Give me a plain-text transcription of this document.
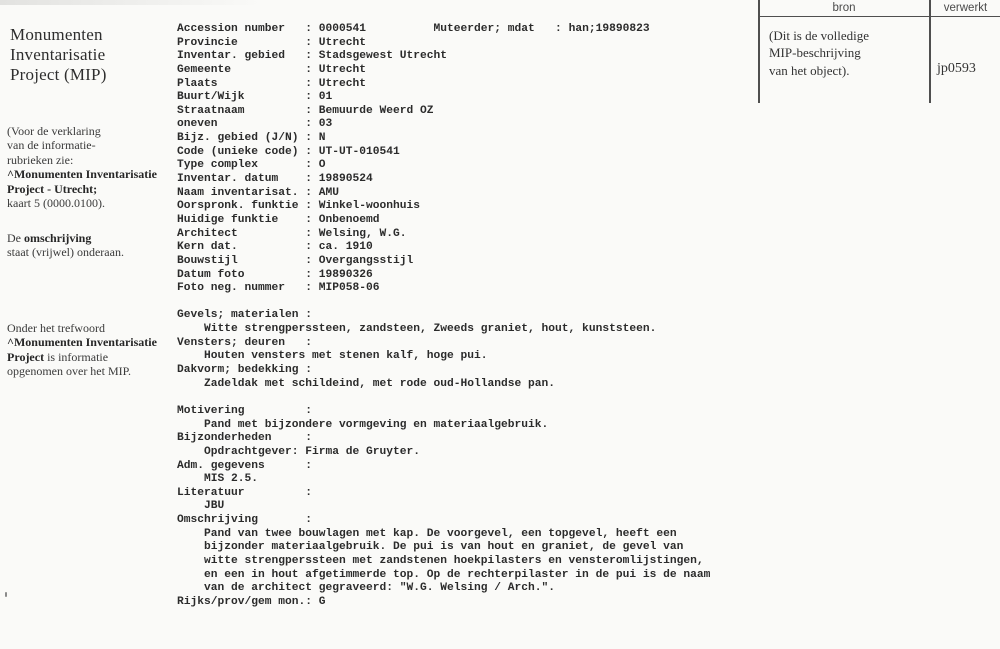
Monumenten
Inventarisatie
Project (MIP)

(Voor de verklaring
van de informatie-
rubrieken zie:
^Monumenten Inventarisatie
Project - Utrecht;
kaart 5 (0000.0100).

De omschrijving
staat (vrijwel) onderaan.

Onder het trefwoord
^Monumenten Inventarisatie
Project is informatie
opgenomen over het MIP.

Accession number :	0000541	Muteerder; mdat :	han;19890823
Provincie :	Utrecht
Inventar. gebied :	Stadsgewest Utrecht
Gemeente :	Utrecht
Plaats :	Utrecht
Buurt/Wijk :	01
Straatnaam :	Bemuurde Weerd OZ
oneven :	03
Bijz. gebied (J/N) : N
Code (unieke code) : UT-UT-010541
Type complex :	O
Inventar. datum :	19890524
Naam inventarisat. : AMU
Oorspronk. funktie : Winkel-woonhuis
Huidige funktie :	Onbenoemd
Architect :	Welsing, W.G.
Kern dat. :	ca. 1910
Bouwstijl :	Overgangsstijl
Datum foto :	19890326
Foto neg. nummer :	MIP058-06
Gevels; materialen:
Witte strengperssteen, zandsteen, Zweeds graniet, hout, kunststeen.
Vensters; deuren:
Houten vensters met stenen kalf, hoge pui.
Dakvorm; bedekking:
Zadeldak met schildeind, met rode oud-Hollandse pan.
Motivering:
Pand met bijzondere vormgeving en materiaalgebruik.
Bijzonderheden:
Opdrachtgever: Firma de Gruyter.
Adm. gegevens:
MIS 2.5.
Literatuur:
JBU
Omschrijving:
Pand van twee bouwlagen met kap. De voorgevel, een topgevel, heeft een
bijzonder materiaalgebruik. De pui is van hout en graniet, de gevel van
witte strengperssteen met zandstenen hoekpilasters en vensteromlijstingen,
en een in hout afgetimmerde top. Op de rechterpilaster in de pui is de naam
van de architect gegraveerd: "W.G. Welsing / Arch.".
Rijks/prov/gem mon. : G
bron	verwerkt
(Dit is de volledige
MIP-beschrijving
van het object).	jp0593
